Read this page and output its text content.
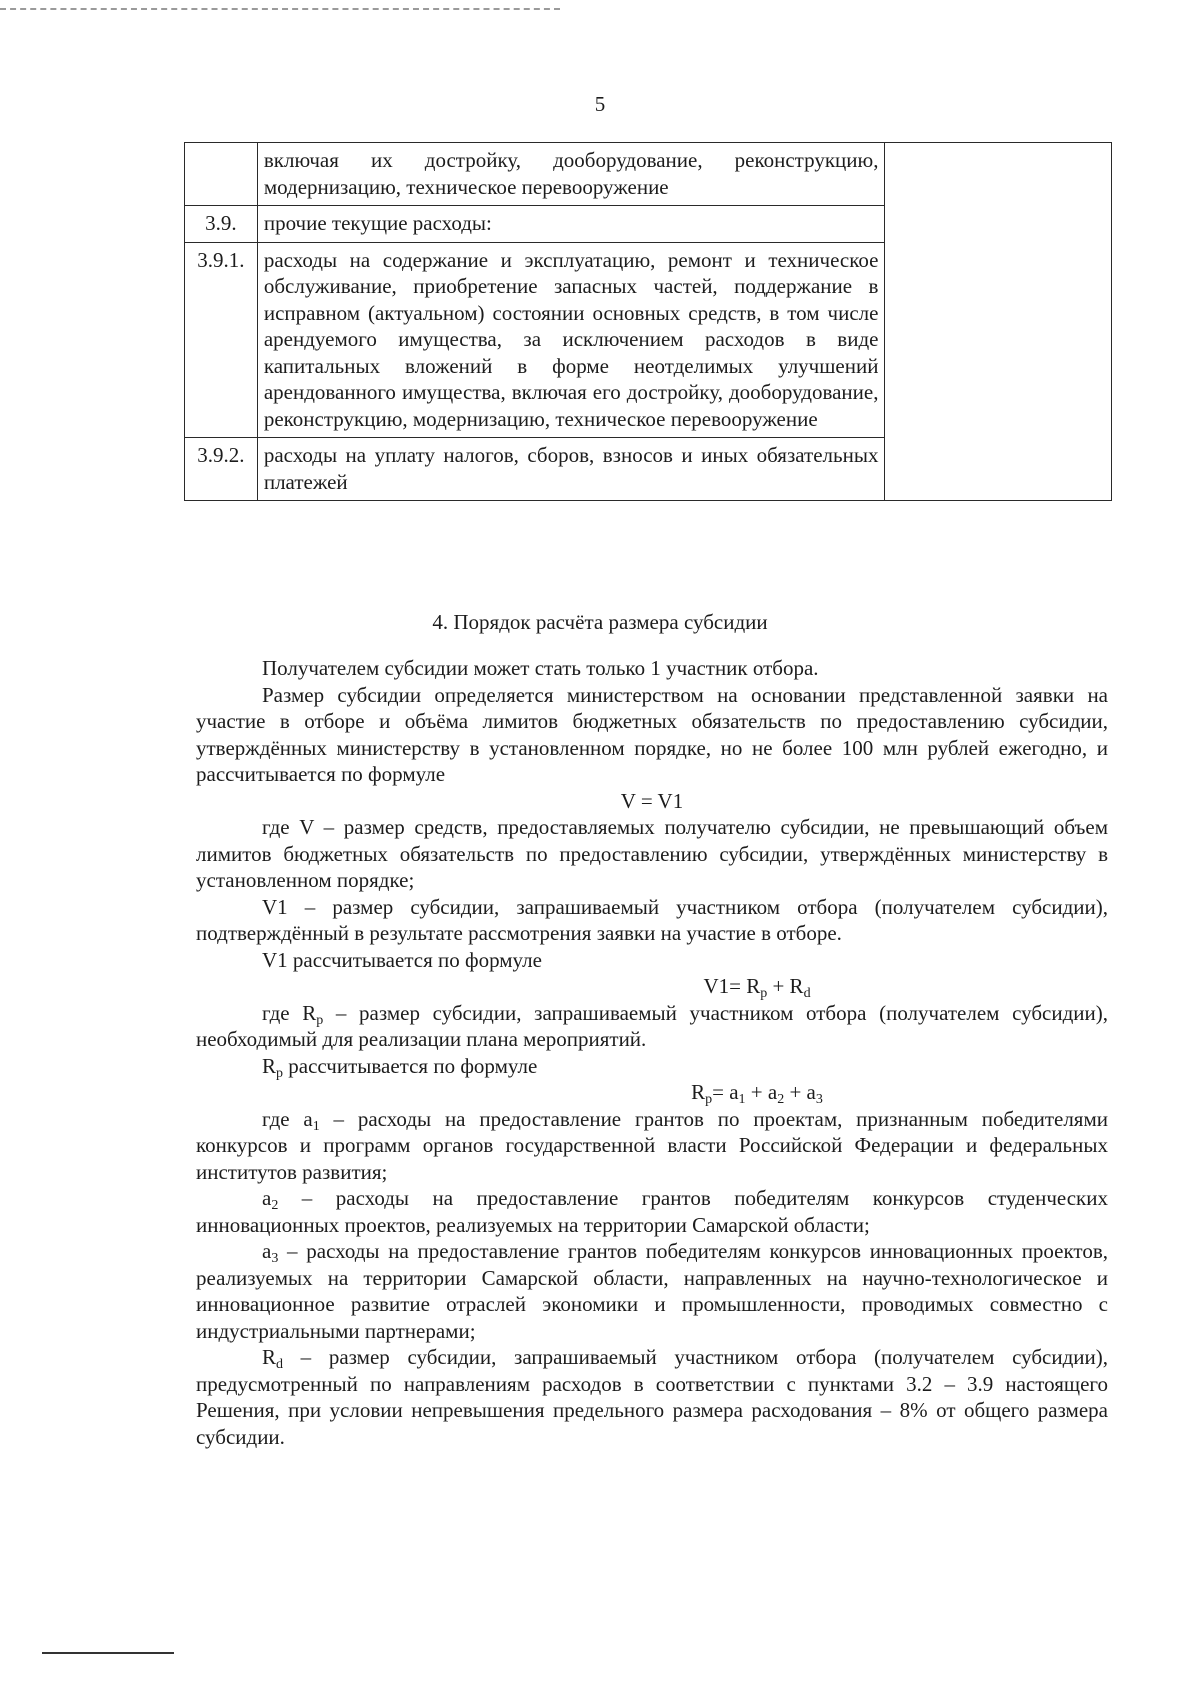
5
	включая их достройку, дооборудование, реконструкцию, модернизацию, техническое перевооружение	
3.9.	прочие текущие расходы:	
3.9.1.	расходы на содержание и эксплуатацию, ремонт и техническое обслуживание, приобретение запасных частей, поддержание в исправном (актуальном) состоянии основных средств, в том числе арендуемого имущества, за исключением расходов в виде капитальных вложений в форме неотделимых улучшений арендованного имущества, включая его достройку, дооборудование, реконструкцию, модернизацию, техническое перевооружение	
3.9.2.	расходы на уплату налогов, сборов, взносов и иных обязательных платежей	
4. Порядок расчёта размера субсидии

Получателем субсидии может стать только 1 участник отбора.

Размер субсидии определяется министерством на основании представленной заявки на участие в отборе и объёма лимитов бюджетных обязательств по предоставлению субсидии, утверждённых министерству в установленном порядке, но не более 100 млн рублей ежегодно, и рассчитывается по формуле

V = V1

где V – размер средств, предоставляемых получателю субсидии, не превышающий объем лимитов бюджетных обязательств по предоставлению субсидии, утверждённых министерству в установленном порядке;

V1 – размер субсидии, запрашиваемый участником отбора (получателем субсидии), подтверждённый в результате рассмотрения заявки на участие в отборе.

V1 рассчитывается по формуле

$V1= R_p + R_d$

где $R_p$ – размер субсидии, запрашиваемый участником отбора (получателем субсидии), необходимый для реализации плана мероприятий.

$R_p$ рассчитывается по формуле

$R_p= a_1 + a_2 + a_3$

где $a_1$ – расходы на предоставление грантов по проектам, признанным победителями конкурсов и программ органов государственной власти Российской Федерации и федеральных институтов развития;

$a_2$ – расходы на предоставление грантов победителям конкурсов студенческих инновационных проектов, реализуемых на территории Самарской области;

$a_3$ – расходы на предоставление грантов победителям конкурсов инновационных проектов, реализуемых на территории Самарской области, направленных на научно-технологическое и инновационное развитие отраслей экономики и промышленности, проводимых совместно с индустриальными партнерами;

$R_d$ – размер субсидии, запрашиваемый участником отбора (получателем субсидии), предусмотренный по направлениям расходов в соответствии с пунктами 3.2 – 3.9 настоящего Решения, при условии непревышения предельного размера расходования – 8% от общего размера субсидии.
